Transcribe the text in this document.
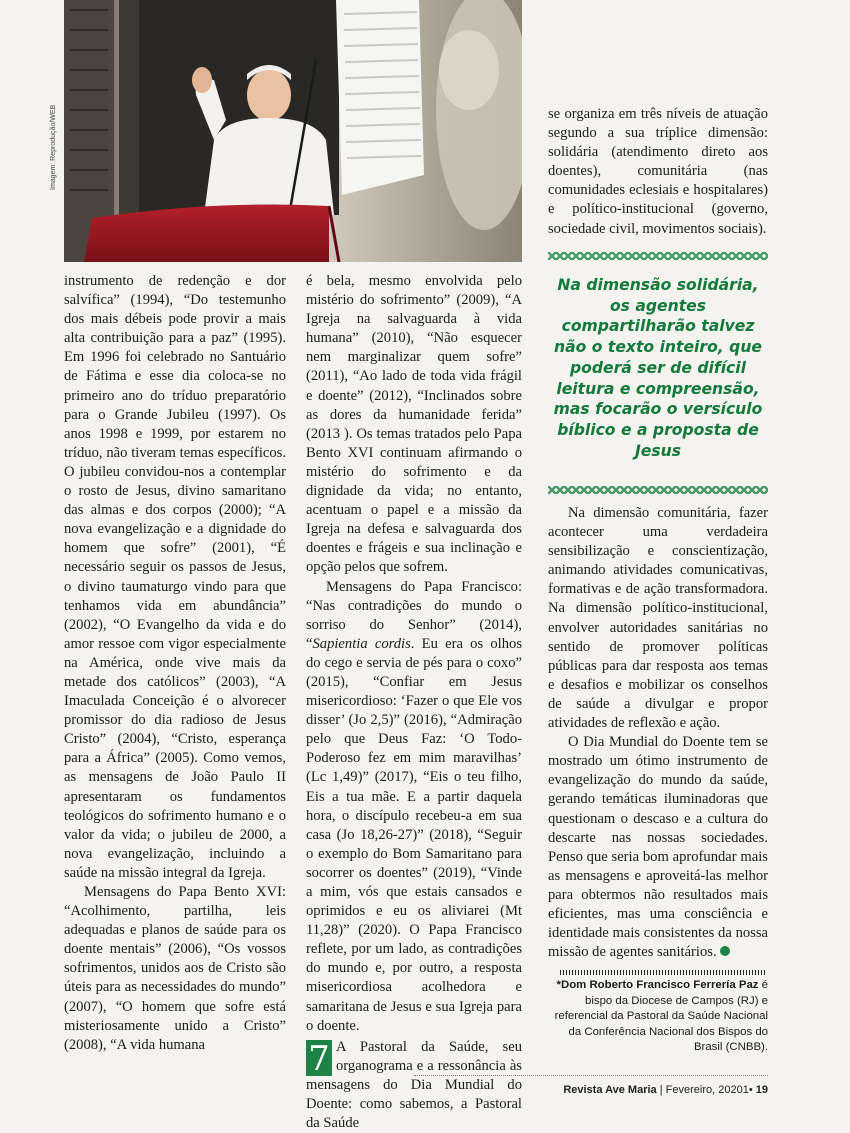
Imagem: Reprodução/WEB

instrumento de redenção e dor salvífica” (1994), “Do testemunho dos mais débeis pode provir a mais alta contribuição para a paz” (1995). Em 1996 foi celebrado no Santuário de Fátima e esse dia coloca-se no primeiro ano do tríduo preparatório para o Grande Jubileu (1997). Os anos 1998 e 1999, por estarem no tríduo, não tiveram temas específicos. O jubileu convidou-nos a contemplar o rosto de Jesus, divino samaritano das almas e dos corpos (2000); “A nova evangelização e a dignidade do homem que sofre” (2001), “É necessário seguir os passos de Jesus, o divino taumaturgo vindo para que tenhamos vida em abundância” (2002), “O Evangelho da vida e do amor ressoe com vigor especialmente na América, onde vive mais da metade dos católicos” (2003), “A Imaculada Conceição é o alvorecer promissor do dia radioso de Jesus Cristo” (2004), “Cristo, esperança para a África” (2005). Como vemos, as mensagens de João Paulo II apresentaram os fundamentos teológicos do sofrimento humano e o valor da vida; o jubileu de 2000, a nova evangelização, incluindo a saúde na missão integral da Igreja.

Mensagens do Papa Bento XVI: “Acolhimento, partilha, leis adequadas e planos de saúde para os doente mentais” (2006), “Os vossos sofrimentos, unidos aos de Cristo são úteis para as necessidades do mundo” (2007), “O homem que sofre está misteriosamente unido a Cristo” (2008), “A vida humana

é bela, mesmo envolvida pelo mistério do sofrimento” (2009), “A Igreja na salvaguarda à vida humana” (2010), “Não esquecer nem marginalizar quem sofre” (2011), “Ao lado de toda vida frágil e doente” (2012), “Inclinados sobre as dores da humanidade ferida” (2013 ). Os temas tratados pelo Papa Bento XVI continuam afirmando o mistério do sofrimento e da dignidade da vida; no entanto, acentuam o papel e a missão da Igreja na defesa e salvaguarda dos doentes e frágeis e sua inclinação e opção pelos que sofrem.

Mensagens do Papa Francisco: “Nas contradições do mundo o sorriso do Senhor” (2014), “Sapientia cordis. Eu era os olhos do cego e servia de pés para o coxo” (2015), “Confiar em Jesus misericordioso: ‘Fazer o que Ele vos disser’ (Jo 2,5)” (2016), “Admiração pelo que Deus Faz: ‘O Todo-Poderoso fez em mim maravilhas’ (Lc 1,49)” (2017), “Eis o teu filho, Eis a tua mãe. E a partir daquela hora, o discípulo recebeu-a em sua casa (Jo 18,26-27)” (2018), “Seguir o exemplo do Bom Samaritano para socorrer os doentes” (2019), “Vinde a mim, vós que estais cansados e oprimidos e eu os aliviarei (Mt 11,28)” (2020). O Papa Francisco reflete, por um lado, as contradições do mundo e, por outro, a resposta misericordiosa acolhedora e samaritana de Jesus e sua Igreja para o doente.

7 A Pastoral da Saúde, seu organograma e a ressonância às mensagens do Dia Mundial do Doente: como sabemos, a Pastoral da Saúde

se organiza em três níveis de atuação segundo a sua tríplice dimensão: solidária (atendimento direto aos doentes), comunitária (nas comunidades eclesiais e hospitalares) e político-institucional (governo, sociedade civil, movimentos sociais).

Na dimensão solidária, os agentes compartilharão talvez não o texto inteiro, que poderá ser de difícil leitura e compreensão, mas focarão o versículo bíblico e a proposta de Jesus

Na dimensão comunitária, fazer acontecer uma verdadeira sensibilização e conscientização, animando atividades comunicativas, formativas e de ação transformadora. Na dimensão político-institucional, envolver autoridades sanitárias no sentido de promover políticas públicas para dar resposta aos temas e desafios e mobilizar os conselhos de saúde a divulgar e propor atividades de reflexão e ação.

O Dia Mundial do Doente tem se mostrado um ótimo instrumento de evangelização do mundo da saúde, gerando temáticas iluminadoras que questionam o descaso e a cultura do descarte nas nossas sociedades. Penso que seria bom aprofundar mais as mensagens e aproveitá-las melhor para obtermos não resultados mais eficientes, mas uma consciência e identidade mais consistentes da nossa missão de agentes sanitários.

*Dom Roberto Francisco Ferrería Paz é bispo da Diocese de Campos (RJ) e referencial da Pastoral da Saúde Nacional da Conferência Nacional dos Bispos do Brasil (CNBB).
Revista Ave Maria | Fevereiro, 20201• 19
